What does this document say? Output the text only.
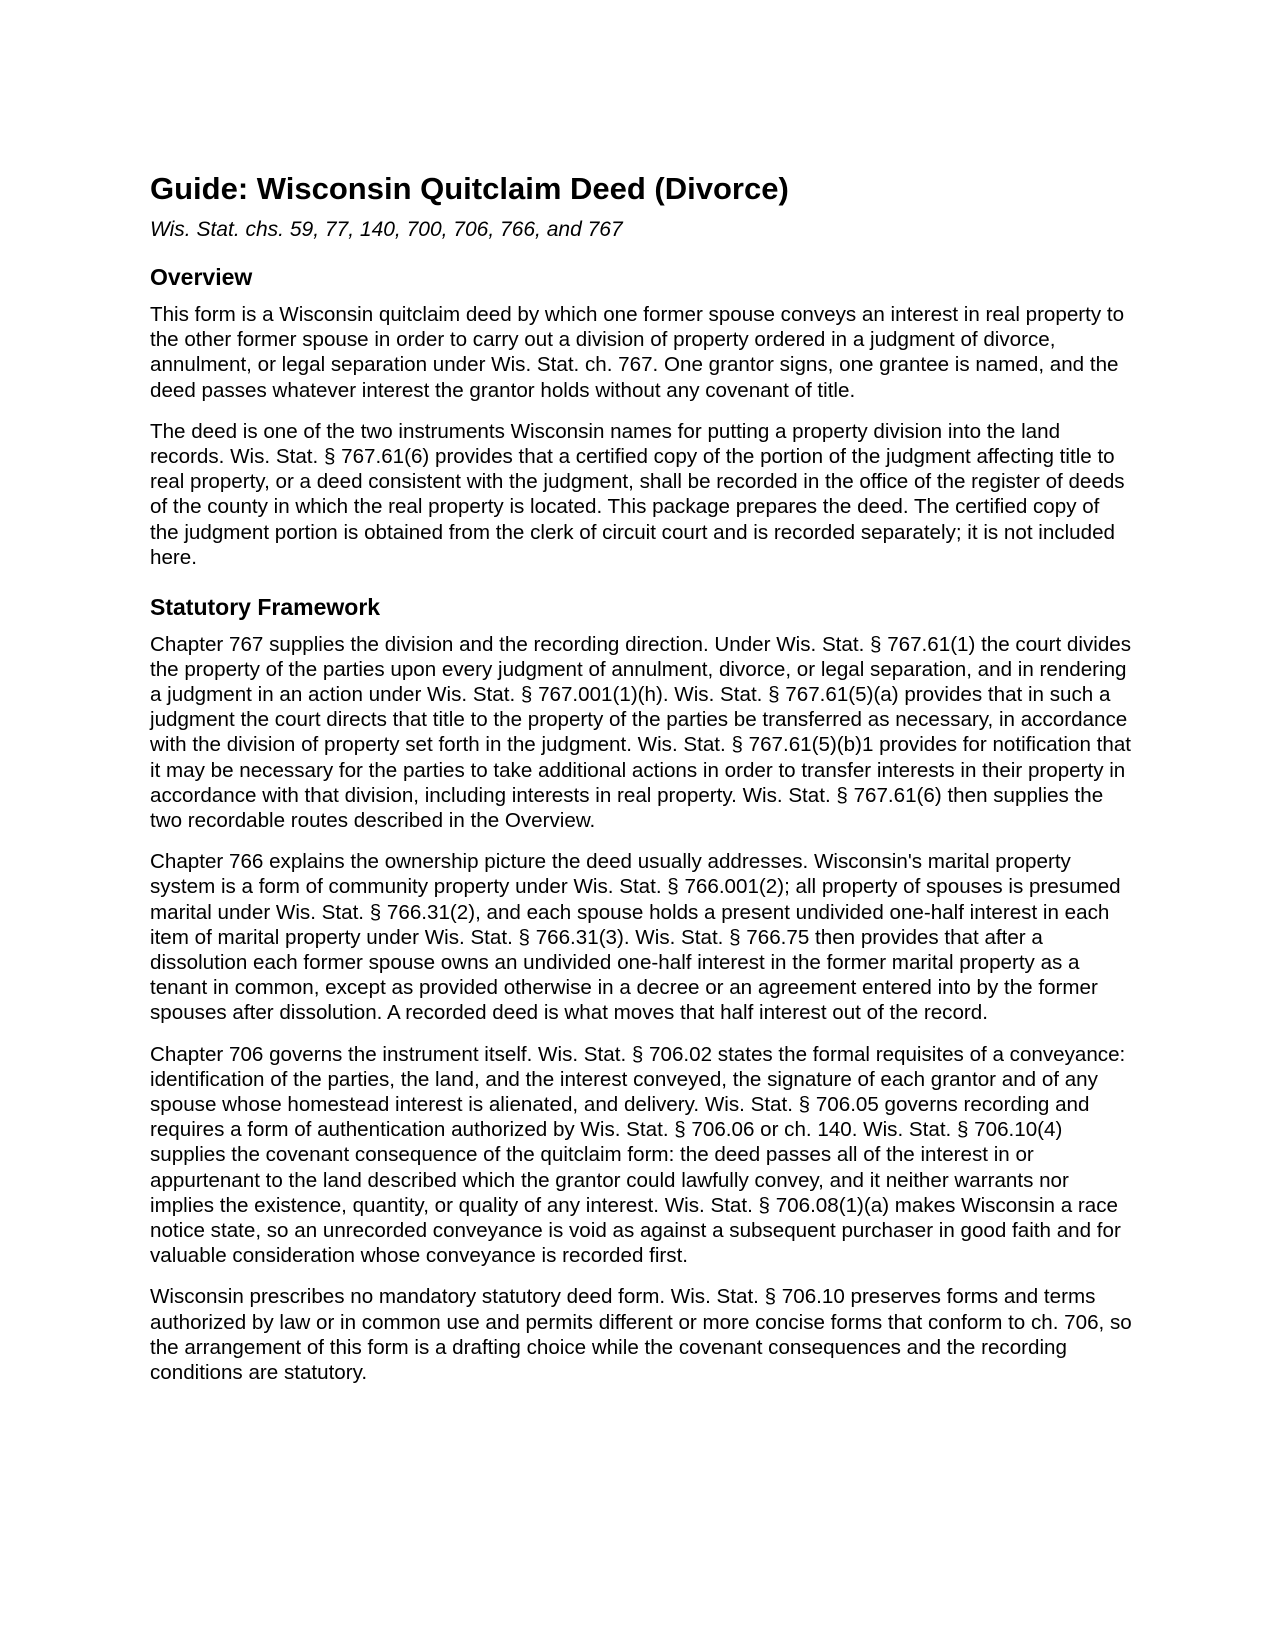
Guide: Wisconsin Quitclaim Deed (Divorce)
Wis. Stat. chs. 59, 77, 140, 700, 706, 766, and 767
Overview

This form is a Wisconsin quitclaim deed by which one former spouse conveys an interest in real property to the other former spouse in order to carry out a division of property ordered in a judgment of divorce, annulment, or legal separation under Wis. Stat. ch. 767. One grantor signs, one grantee is named, and the deed passes whatever interest the grantor holds without any covenant of title.

The deed is one of the two instruments Wisconsin names for putting a property division into the land records. Wis. Stat. § 767.61(6) provides that a certified copy of the portion of the judgment affecting title to real property, or a deed consistent with the judgment, shall be recorded in the office of the register of deeds of the county in which the real property is located. This package prepares the deed. The certified copy of the judgment portion is obtained from the clerk of circuit court and is recorded separately; it is not included here.

Statutory Framework

Chapter 767 supplies the division and the recording direction. Under Wis. Stat. § 767.61(1) the court divides the property of the parties upon every judgment of annulment, divorce, or legal separation, and in rendering a judgment in an action under Wis. Stat. § 767.001(1)(h). Wis. Stat. § 767.61(5)(a) provides that in such a judgment the court directs that title to the property of the parties be transferred as necessary, in accordance with the division of property set forth in the judgment. Wis. Stat. § 767.61(5)(b)1 provides for notification that it may be necessary for the parties to take additional actions in order to transfer interests in their property in accordance with that division, including interests in real property. Wis. Stat. § 767.61(6) then supplies the two recordable routes described in the Overview.

Chapter 766 explains the ownership picture the deed usually addresses. Wisconsin's marital property system is a form of community property under Wis. Stat. § 766.001(2); all property of spouses is presumed marital under Wis. Stat. § 766.31(2), and each spouse holds a present undivided one-half interest in each item of marital property under Wis. Stat. § 766.31(3). Wis. Stat. § 766.75 then provides that after a dissolution each former spouse owns an undivided one-half interest in the former marital property as a tenant in common, except as provided otherwise in a decree or an agreement entered into by the former spouses after dissolution. A recorded deed is what moves that half interest out of the record.

Chapter 706 governs the instrument itself. Wis. Stat. § 706.02 states the formal requisites of a conveyance: identification of the parties, the land, and the interest conveyed, the signature of each grantor and of any spouse whose homestead interest is alienated, and delivery. Wis. Stat. § 706.05 governs recording and requires a form of authentication authorized by Wis. Stat. § 706.06 or ch. 140. Wis. Stat. § 706.10(4) supplies the covenant consequence of the quitclaim form: the deed passes all of the interest in or appurtenant to the land described which the grantor could lawfully convey, and it neither warrants nor implies the existence, quantity, or quality of any interest. Wis. Stat. § 706.08(1)(a) makes Wisconsin a race notice state, so an unrecorded conveyance is void as against a subsequent purchaser in good faith and for valuable consideration whose conveyance is recorded first.

Wisconsin prescribes no mandatory statutory deed form. Wis. Stat. § 706.10 preserves forms and terms authorized by law or in common use and permits different or more concise forms that conform to ch. 706, so the arrangement of this form is a drafting choice while the covenant consequences and the recording conditions are statutory.
